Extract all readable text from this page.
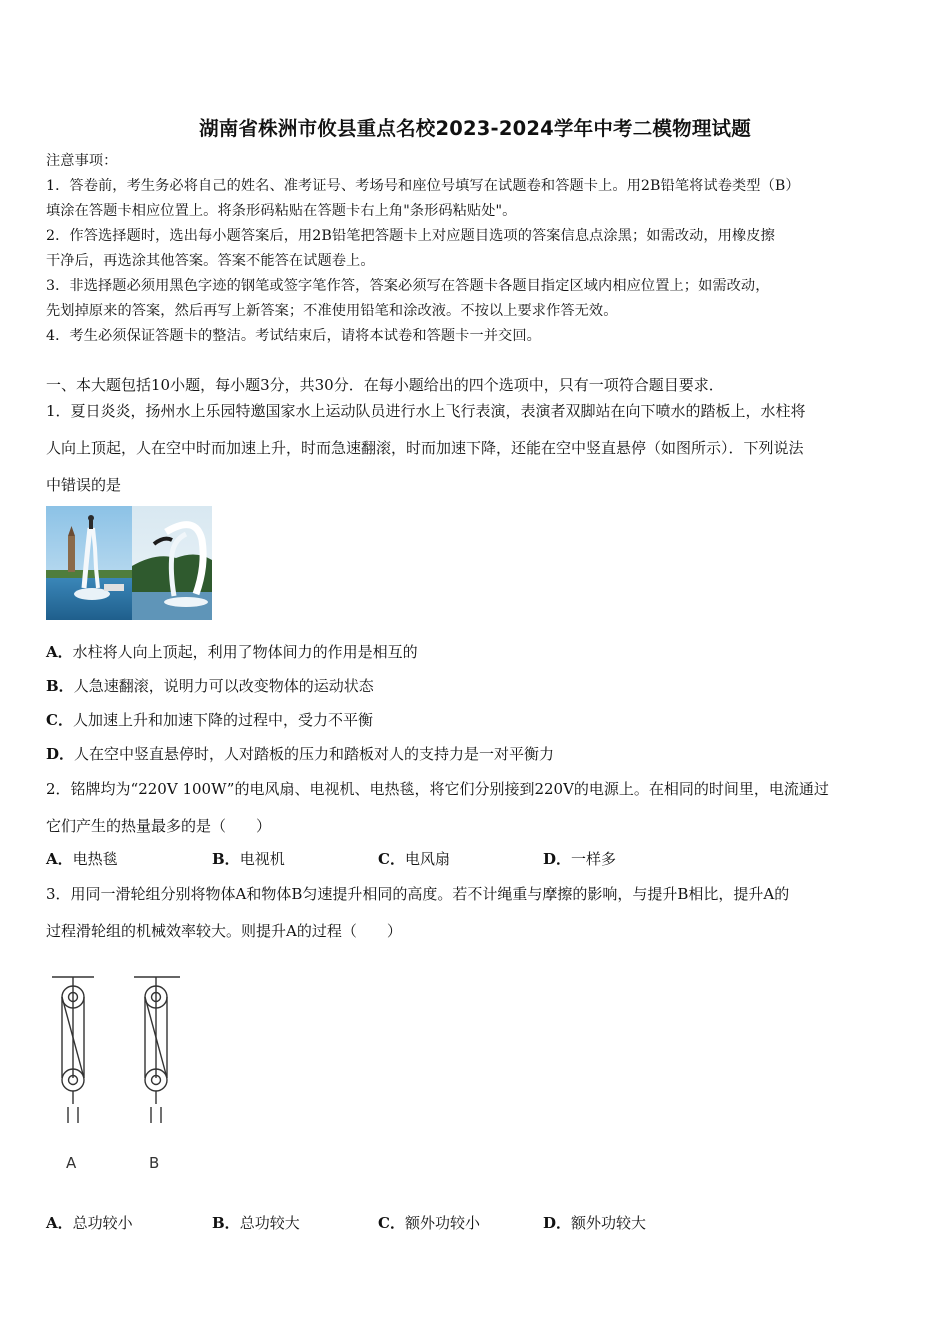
湖南省株洲市攸县重点名校2023-2024学年中考二模物理试题
注意事项：
1．答卷前，考生务必将自己的姓名、准考证号、考场号和座位号填写在试题卷和答题卡上。用2B铅笔将试卷类型（B）
填涂在答题卡相应位置上。将条形码粘贴在答题卡右上角"条形码粘贴处"。
2．作答选择题时，选出每小题答案后，用2B铅笔把答题卡上对应题目选项的答案信息点涂黑；如需改动，用橡皮擦
干净后，再选涂其他答案。答案不能答在试题卷上。
3．非选择题必须用黑色字迹的钢笔或签字笔作答，答案必须写在答题卡各题目指定区域内相应位置上；如需改动，
先划掉原来的答案，然后再写上新答案；不准使用铅笔和涂改液。不按以上要求作答无效。
4．考生必须保证答题卡的整洁。考试结束后，请将本试卷和答题卡一并交回。
一、本大题包括10小题，每小题3分，共30分．在每小题给出的四个选项中，只有一项符合题目要求．
1．夏日炎炎，扬州水上乐园特邀国家水上运动队员进行水上飞行表演，表演者双脚站在向下喷水的踏板上，水柱将
人向上顶起，人在空中时而加速上升，时而急速翻滚，时而加速下降，还能在空中竖直悬停（如图所示）．下列说法
中错误的是
A．水柱将人向上顶起，利用了物体间力的作用是相互的
B．人急速翻滚，说明力可以改变物体的运动状态
C．人加速上升和加速下降的过程中，受力不平衡
D．人在空中竖直悬停时，人对踏板的压力和踏板对人的支持力是一对平衡力
2．铭牌均为“220V 100W”的电风扇、电视机、电热毯，将它们分别接到220V的电源上。在相同的时间里，电流通过
它们产生的热量最多的是（　　）
A．电热毯	B．电视机	C．电风扇	D．一样多
3．用同一滑轮组分别将物体A和物体B匀速提升相同的高度。若不计绳重与摩擦的影响，与提升B相比，提升A的
过程滑轮组的机械效率较大。则提升A的过程（　　）
A	B
A．总功较小	B．总功较大	C．额外功较小	D．额外功较大
